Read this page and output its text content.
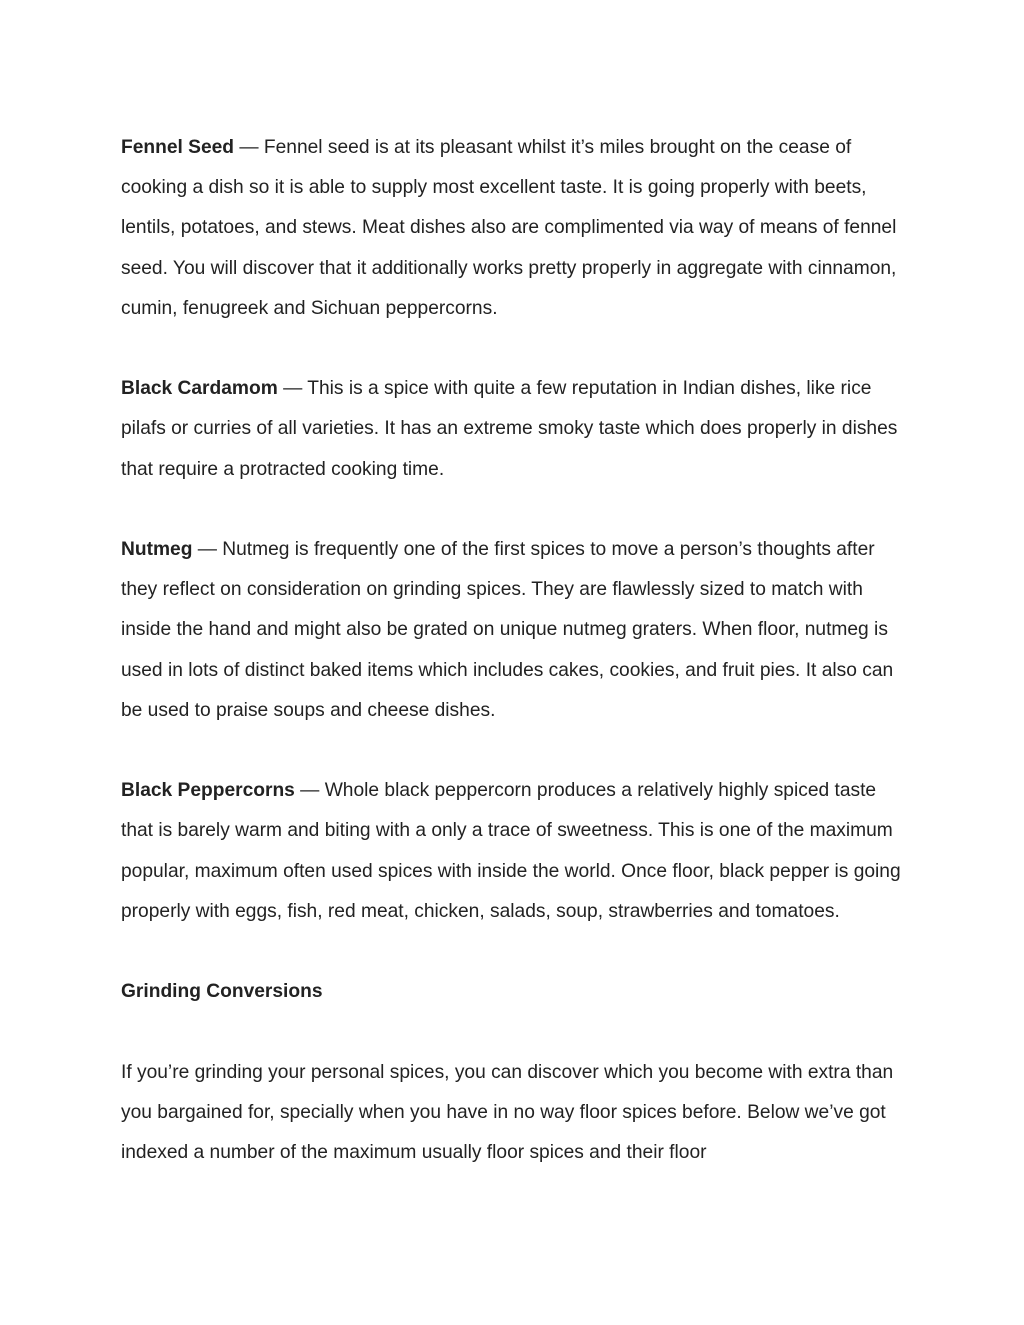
Fennel Seed — Fennel seed is at its pleasant whilst it’s miles brought on the cease of cooking a dish so it is able to supply most excellent taste. It is going properly with beets, lentils, potatoes, and stews. Meat dishes also are complimented via way of means of fennel seed. You will discover that it additionally works pretty properly in aggregate with cinnamon, cumin, fenugreek and Sichuan peppercorns.

Black Cardamom — This is a spice with quite a few reputation in Indian dishes, like rice pilafs or curries of all varieties. It has an extreme smoky taste which does properly in dishes that require a protracted cooking time.

Nutmeg — Nutmeg is frequently one of the first spices to move a person’s thoughts after they reflect on consideration on grinding spices. They are flawlessly sized to match with inside the hand and might also be grated on unique nutmeg graters. When floor, nutmeg is used in lots of distinct baked items which includes cakes, cookies, and fruit pies. It also can be used to praise soups and cheese dishes.

Black Peppercorns — Whole black peppercorn produces a relatively highly spiced taste that is barely warm and biting with a only a trace of sweetness. This is one of the maximum popular, maximum often used spices with inside the world. Once floor, black pepper is going properly with eggs, fish, red meat, chicken, salads, soup, strawberries and tomatoes.

Grinding Conversions

If you’re grinding your personal spices, you can discover which you become with extra than you bargained for, specially when you have in no way floor spices before. Below we’ve got indexed a number of the maximum usually floor spices and their floor
